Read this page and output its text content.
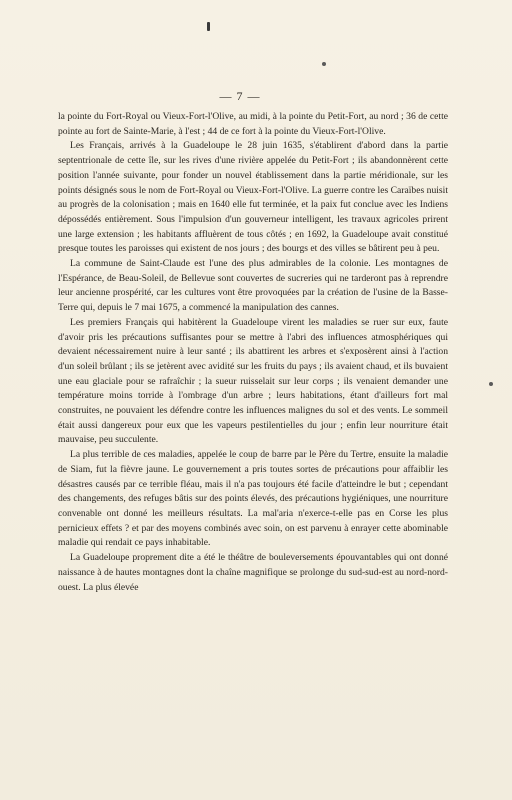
— 7 —

la pointe du Fort-Royal ou Vieux-Fort-l'Olive, au midi, à la pointe du Petit-Fort, au nord ; 36 de cette pointe au fort de Sainte-Marie, à l'est ; 44 de ce fort à la pointe du Vieux-Fort-l'Olive.

Les Français, arrivés à la Guadeloupe le 28 juin 1635, s'établirent d'abord dans la partie septentrionale de cette île, sur les rives d'une rivière appelée du Petit-Fort ; ils abandonnèrent cette position l'année suivante, pour fonder un nouvel établissement dans la partie méridionale, sur les points désignés sous le nom de Fort-Royal ou Vieux-Fort-l'Olive. La guerre contre les Caraïbes nuisit au progrès de la colonisation ; mais en 1640 elle fut terminée, et la paix fut conclue avec les Indiens dépossédés entièrement. Sous l'impulsion d'un gouverneur intelligent, les travaux agricoles prirent une large extension ; les habitants affluèrent de tous côtés ; en 1692, la Guadeloupe avait constitué presque toutes les paroisses qui existent de nos jours ; des bourgs et des villes se bâtirent peu à peu.

La commune de Saint-Claude est l'une des plus admirables de la colonie. Les montagnes de l'Espérance, de Beau-Soleil, de Bellevue sont couvertes de sucreries qui ne tarderont pas à reprendre leur ancienne prospérité, car les cultures vont être provoquées par la création de l'usine de la Basse-Terre qui, depuis le 7 mai 1675, a commencé la manipulation des cannes.

Les premiers Français qui habitèrent la Guadeloupe virent les maladies se ruer sur eux, faute d'avoir pris les précautions suffisantes pour se mettre à l'abri des influences atmosphériques qui devaient nécessairement nuire à leur santé ; ils abattirent les arbres et s'exposèrent ainsi à l'action d'un soleil brûlant ; ils se jetèrent avec avidité sur les fruits du pays ; ils avaient chaud, et ils buvaient une eau glaciale pour se rafraîchir ; la sueur ruisselait sur leur corps ; ils venaient demander une température moins torride à l'ombrage d'un arbre ; leurs habitations, étant d'ailleurs fort mal construites, ne pouvaient les défendre contre les influences malignes du sol et des vents. Le sommeil était aussi dangereux pour eux que les vapeurs pestilentielles du jour ; enfin leur nourriture était mauvaise, peu succulente.

La plus terrible de ces maladies, appelée le coup de barre par le Père du Tertre, ensuite la maladie de Siam, fut la fièvre jaune. Le gouvernement a pris toutes sortes de précautions pour affaiblir les désastres causés par ce terrible fléau, mais il n'a pas toujours été facile d'atteindre le but ; cependant des changements, des refuges bâtis sur des points élevés, des précautions hygiéniques, une nourriture convenable ont donné les meilleurs résultats. La mal'aria n'exerce-t-elle pas en Corse les plus pernicieux effets ? et par des moyens combinés avec soin, on est parvenu à enrayer cette abominable maladie qui rendait ce pays inhabitable.

La Guadeloupe proprement dite a été le théâtre de bouleversements épouvantables qui ont donné naissance à de hautes montagnes dont la chaîne magnifique se prolonge du sud-sud-est au nord-nord-ouest. La plus élevée
